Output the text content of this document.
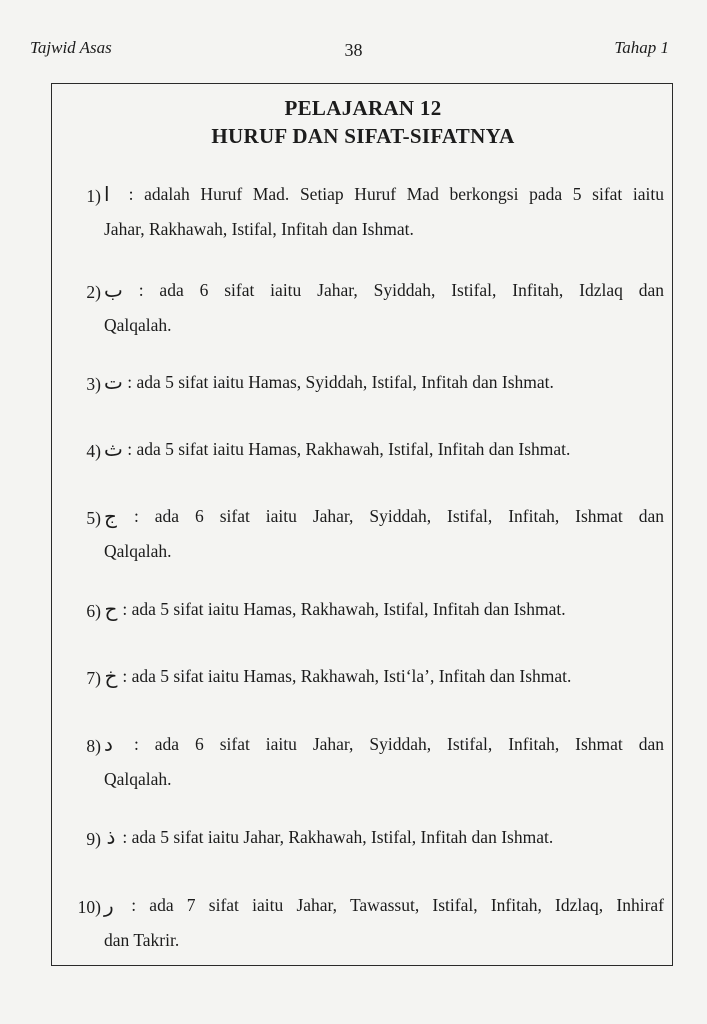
Tajwid Asas	38	Tahap 1
PELAJARAN 12
HURUF DAN SIFAT-SIFATNYA
1) ا : adalah Huruf Mad. Setiap Huruf Mad berkongsi pada 5 sifat iaitu
Jahar, Rakhawah, Istifal, Infitah dan Ishmat.
2) ب : ada 6 sifat iaitu Jahar, Syiddah, Istifal, Infitah, Idzlaq dan
Qalqalah.
3) ت : ada 5 sifat iaitu Hamas, Syiddah, Istifal, Infitah dan Ishmat.
4) ث : ada 5 sifat iaitu Hamas, Rakhawah, Istifal, Infitah dan Ishmat.
5) ج : ada 6 sifat iaitu Jahar, Syiddah, Istifal, Infitah, Ishmat dan
Qalqalah.
6) ح : ada 5 sifat iaitu Hamas, Rakhawah, Istifal, Infitah dan Ishmat.
7) خ : ada 5 sifat iaitu Hamas, Rakhawah, Isti‘la’, Infitah dan Ishmat.
8) د : ada 6 sifat iaitu Jahar, Syiddah, Istifal, Infitah, Ishmat dan
Qalqalah.
9) ذ : ada 5 sifat iaitu Jahar, Rakhawah, Istifal, Infitah dan Ishmat.
10) ر : ada 7 sifat iaitu Jahar, Tawassut, Istifal, Infitah, Idzlaq, Inhiraf
dan Takrir.
